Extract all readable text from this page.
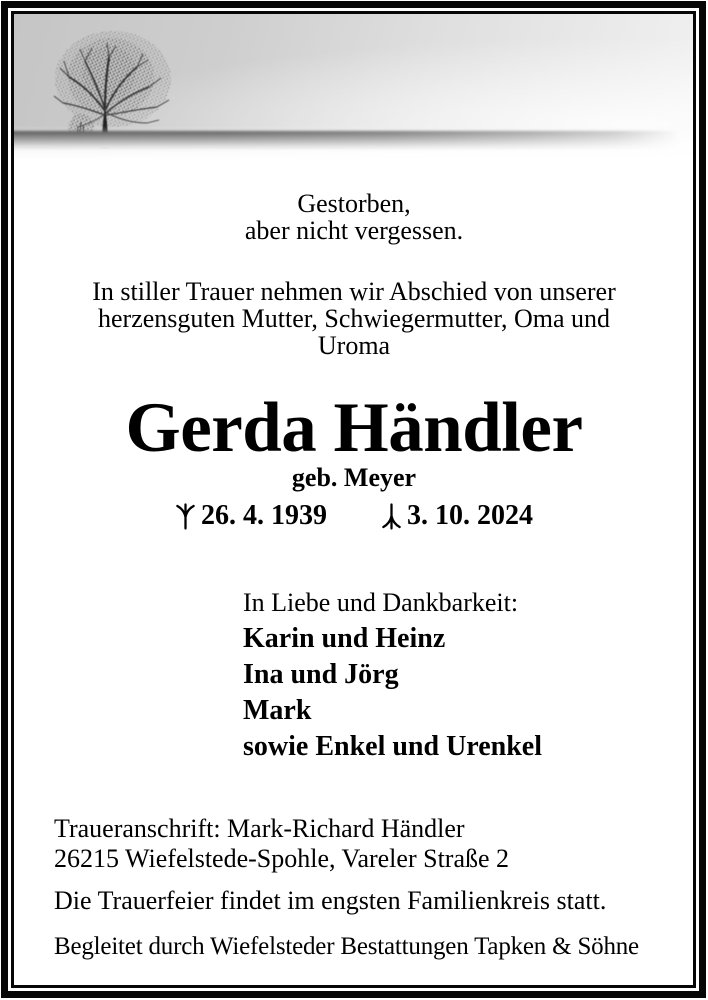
Gestorben,
aber nicht vergessen.
In stiller Trauer nehmen wir Abschied von unserer
herzensguten Mutter, Schwiegermutter, Oma und
Uroma
Gerda Händler
geb. Meyer
26. 4. 1939	3. 10. 2024
In Liebe und Dankbarkeit:
Karin und Heinz
Ina und Jörg
Mark
sowie Enkel und Urenkel
Traueranschrift: Mark-Richard Händler
26215 Wiefelstede-Spohle, Vareler Straße 2
Die Trauerfeier findet im engsten Familienkreis statt.
Begleitet durch Wiefelsteder Bestattungen Tapken & Söhne
